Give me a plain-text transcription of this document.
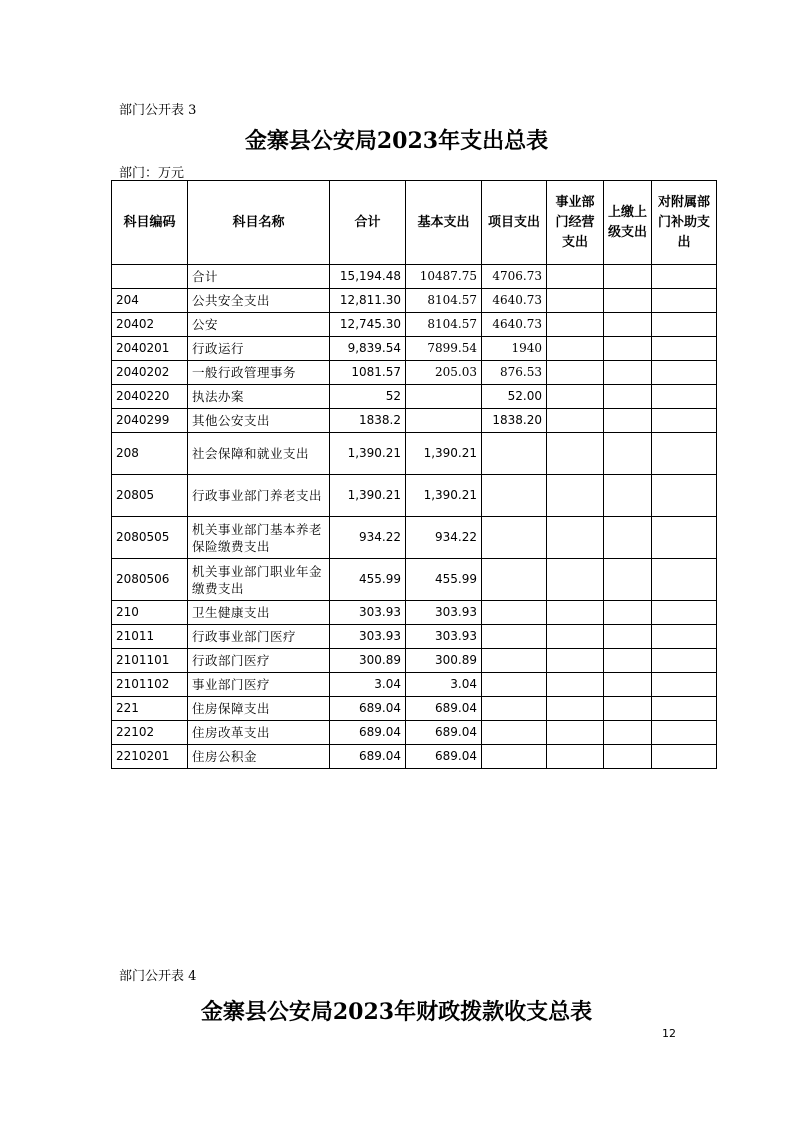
部门公开表 3
金寨县公安局2023年支出总表
部门：万元
科目编码	科目名称	合计	基本支出	项目支出	事业部门经营支出	上缴上级支出	对附属部门补助支出
	合计	15,194.48	10487.75	4706.73			
204	公共安全支出	12,811.30	8104.57	4640.73			
20402	公安	12,745.30	8104.57	4640.73			
2040201	行政运行	9,839.54	7899.54	1940			
2040202	一般行政管理事务	1081.57	205.03	876.53			
2040220	执法办案	52		52.00			
2040299	其他公安支出	1838.2		1838.20			
208	社会保障和就业支出	1,390.21	1,390.21				
20805	行政事业部门养老支出	1,390.21	1,390.21				
2080505	机关事业部门基本养老保险缴费支出	934.22	934.22				
2080506	机关事业部门职业年金缴费支出	455.99	455.99				
210	卫生健康支出	303.93	303.93				
21011	行政事业部门医疗	303.93	303.93				
2101101	行政部门医疗	300.89	300.89				
2101102	事业部门医疗	3.04	3.04				
221	住房保障支出	689.04	689.04				
22102	住房改革支出	689.04	689.04				
2210201	住房公积金	689.04	689.04				
部门公开表 4
金寨县公安局2023年财政拨款收支总表
12
